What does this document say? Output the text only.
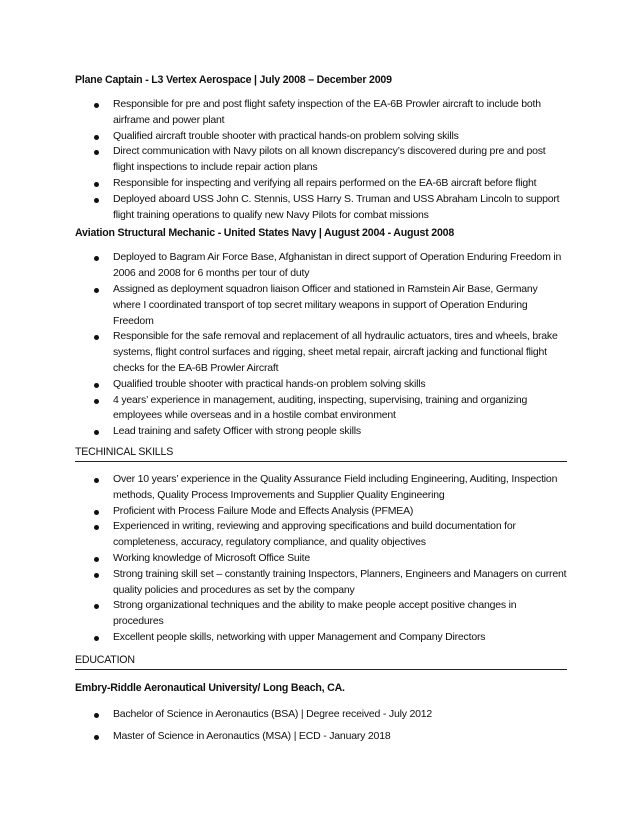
Plane Captain - L3 Vertex Aerospace | July 2008 – December 2009

Responsible for pre and post flight safety inspection of the EA-6B Prowler aircraft to include both airframe and power plant
Qualified aircraft trouble shooter with practical hands-on problem solving skills
Direct communication with Navy pilots on all known discrepancy’s discovered during pre and post flight inspections to include repair action plans
Responsible for inspecting and verifying all repairs performed on the EA-6B aircraft before flight
Deployed aboard USS John C. Stennis, USS Harry S. Truman and USS Abraham Lincoln to support flight training operations to qualify new Navy Pilots for combat missions

Aviation Structural Mechanic - United States Navy | August 2004 - August 2008

Deployed to Bagram Air Force Base, Afghanistan in direct support of Operation Enduring Freedom in 2006 and 2008 for 6 months per tour of duty
Assigned as deployment squadron liaison Officer and stationed in Ramstein Air Base, Germany where I coordinated transport of top secret military weapons in support of Operation Enduring Freedom
Responsible for the safe removal and replacement of all hydraulic actuators, tires and wheels, brake systems, flight control surfaces and rigging, sheet metal repair, aircraft jacking and functional flight checks for the EA-6B Prowler Aircraft
Qualified trouble shooter with practical hands-on problem solving skills
4 years’ experience in management, auditing, inspecting, supervising, training and organizing employees while overseas and in a hostile combat environment
Lead training and safety Officer with strong people skills

TECHINICAL SKILLS

Over 10 years’ experience in the Quality Assurance Field including Engineering, Auditing, Inspection methods, Quality Process Improvements and Supplier Quality Engineering
Proficient with Process Failure Mode and Effects Analysis (PFMEA)
Experienced in writing, reviewing and approving specifications and build documentation for completeness, accuracy, regulatory compliance, and quality objectives
Working knowledge of Microsoft Office Suite
Strong training skill set – constantly training Inspectors, Planners, Engineers and Managers on current quality policies and procedures as set by the company
Strong organizational techniques and the ability to make people accept positive changes in procedures
Excellent people skills, networking with upper Management and Company Directors

EDUCATION

Embry-Riddle Aeronautical University/ Long Beach, CA.

Bachelor of Science in Aeronautics (BSA) | Degree received - July 2012
Master of Science in Aeronautics (MSA) | ECD - January 2018
